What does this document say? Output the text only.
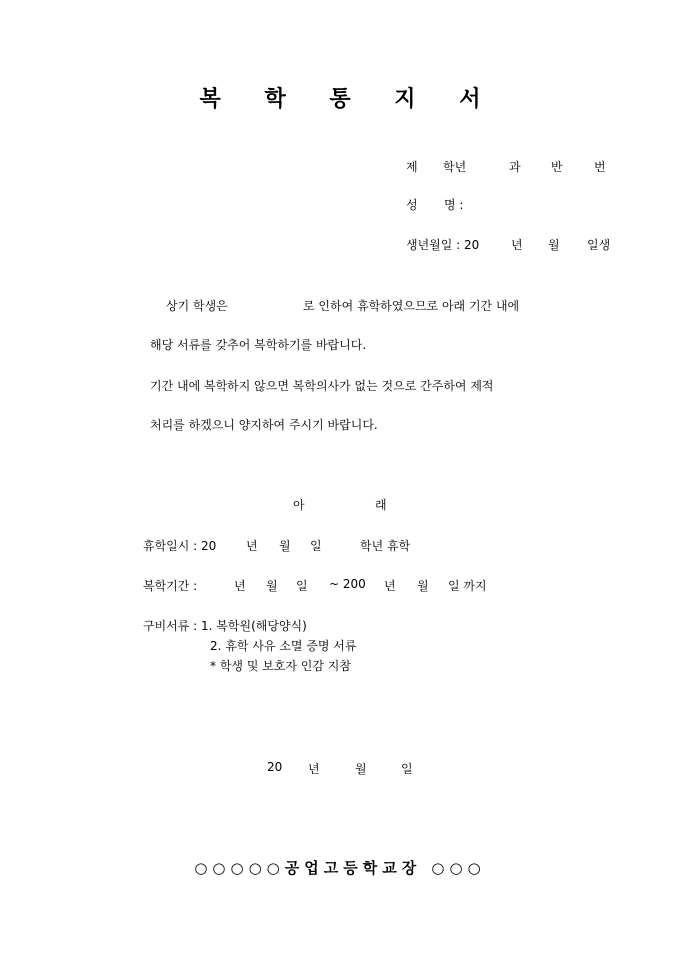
복 학 통 지 서
제 학년	과	반	번
성 명 :
생년월일 : 20	년 월 일생
상기 학생은	로 인하여 휴학하였으므로 아래 기간 내에
해당 서류를 갖추어 복학하기를 바랍니다.
기간 내에 복학하지 않으면 복학의사가 없는 것으로 간주하여 제적
처리를 하겠으니 양지하여 주시기 바랍니다.
아	래
휴학일시 : 20 년 월 일	학년 휴학
복학기간 :	년 월 일 ~ 200 년 월 일 까지
구비서류 : 1. 복학원(해당양식)
2. 휴학 사유 소멸 증명 서류
* 학생 및 보호자 인감 지참
20 년	월	일
○○○○○공업고등학교장 ○○○
